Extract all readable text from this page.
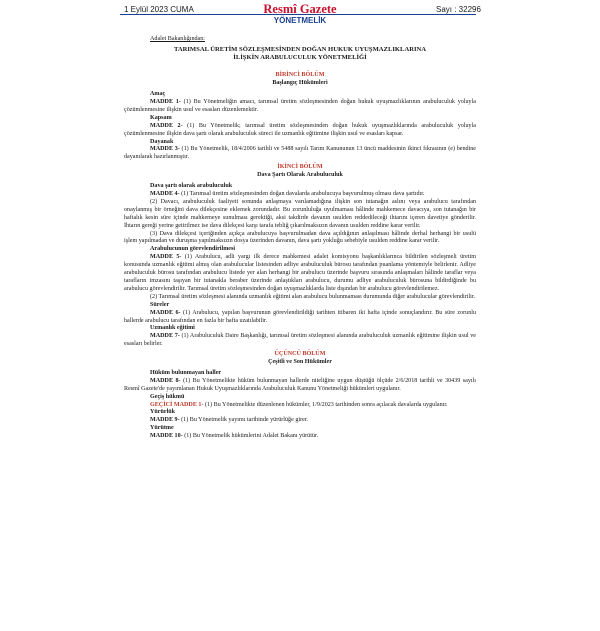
1 Eylül 2023 CUMA	Resmî Gazete	Sayı : 32296
YÖNETMELİK

Adalet Bakanlığından:

TARIMSAL ÜRETİM SÖZLEŞMESİNDEN DOĞAN HUKUK UYUŞMAZLIKLARINA
İLİŞKİN ARABULUCULUK YÖNETMELİĞİ

BİRİNCİ BÖLÜM

Başlangıç Hükümleri

Amaç

MADDE 1- (1) Bu Yönetmeliğin amacı, tarımsal üretim sözleşmesinden doğan hukuk uyuşmazlıklarının arabuluculuk yoluyla çözümlenmesine ilişkin usul ve esasları düzenlemektir.

Kapsam

MADDE 2- (1) Bu Yönetmelik; tarımsal üretim sözleşmesinden doğan hukuk uyuşmazlıklarında arabuluculuk yoluyla çözümlenmesine ilişkin dava şartı olarak arabuluculuk süreci ile uzmanlık eğitimine ilişkin usul ve esasları kapsar.

Dayanak

MADDE 3- (1) Bu Yönetmelik, 18/4/2006 tarihli ve 5488 sayılı Tarım Kanununun 13 üncü maddesinin ikinci fıkrasının (e) bendine dayanılarak hazırlanmıştır.

İKİNCİ BÖLÜM

Dava Şartı Olarak Arabuluculuk

Dava şartı olarak arabuluculuk

MADDE 4- (1) Tarımsal üretim sözleşmesinden doğan davalarda arabulucuya başvurulmuş olması dava şartıdır.

(2) Davacı, arabuluculuk faaliyeti sonunda anlaşmaya varılamadığına ilişkin son tutanağın aslını veya arabulucu tarafından onaylanmış bir örneğini dava dilekçesine eklemek zorundadır. Bu zorunluluğa uyulmaması hâlinde mahkemece davacıya, son tutanağın bir haftalık kesin süre içinde mahkemeye sunulması gerektiği, aksi takdirde davanın usulden reddedileceği ihtarını içeren davetiye gönderilir. İhtarın gereği yerine getirilmez ise dava dilekçesi karşı tarafa tebliğ çıkarılmaksızın davanın usulden reddine karar verilir.

(3) Dava dilekçesi içeriğinden açıkça arabulucuya başvurulmadan dava açıldığının anlaşılması hâlinde derhal herhangi bir usulü işlem yapılmadan ve duruşma yapılmaksızın dosya üzerinden davanın, dava şartı yokluğu sebebiyle usulden reddine karar verilir.

Arabulucunun görevlendirilmesi

MADDE 5- (1) Arabulucu, adli yargı ilk derece mahkemesi adalet komisyonu başkanlıklarınca bildirilen sözleşmeli üretim konusunda uzmanlık eğitimi almış olan arabulucular listesinden adliye arabuluculuk bürosu tarafından puanlama yöntemiyle belirlenir. Adliye arabuluculuk bürosu tarafından arabulucu listede yer alan herhangi bir arabulucu üzerinde başvuru sırasında anlaşmaları hâlinde taraflar veya tarafların imzasını taşıyan bir tutanakla beraber üzerinde anlaştıkları arabulucu, durumu adliye arabuluculuk bürosuna bildirdiğinde bu arabulucu görevlendirilir. Tarımsal üretim sözleşmesinden doğan uyuşmazlıklarda liste dışından bir arabulucu görevlendirilemez.

(2) Tarımsal üretim sözleşmesi alanında uzmanlık eğitimi alan arabulucu bulunmaması durumunda diğer arabulucular görevlendirilir.

Süreler

MADDE 6- (1) Arabulucu, yapılan başvurunun görevlendirildiği tarihten itibaren iki hafta içinde sonuçlandırır. Bu süre zorunlu hallerde arabulucu tarafından en fazla bir hafta uzatılabilir.

Uzmanlık eğitimi

MADDE 7- (1) Arabuluculuk Daire Başkanlığı, tarımsal üretim sözleşmesi alanında arabuluculuk uzmanlık eğitimine ilişkin usul ve esasları belirler.

ÜÇÜNCÜ BÖLÜM

Çeşitli ve Son Hükümler

Hüküm bulunmayan haller

MADDE 8- (1) Bu Yönetmelikte hüküm bulunmayan hallerde niteliğine uygun düştüğü ölçüde 2/6/2018 tarihli ve 30439 sayılı Resmî Gazete'de yayımlanan Hukuk Uyuşmazlıklarında Arabuluculuk Kanunu Yönetmeliği hükümleri uygulanır.

Geçiş hükmü

GEÇİCİ MADDE 1- (1) Bu Yönetmelikte düzenlenen hükümler, 1/9/2023 tarihinden sonra açılacak davalarda uygulanır.

Yürürlük

MADDE 9- (1) Bu Yönetmelik yayımı tarihinde yürürlüğe girer.

Yürütme

MADDE 10- (1) Bu Yönetmelik hükümlerini Adalet Bakanı yürütür.
